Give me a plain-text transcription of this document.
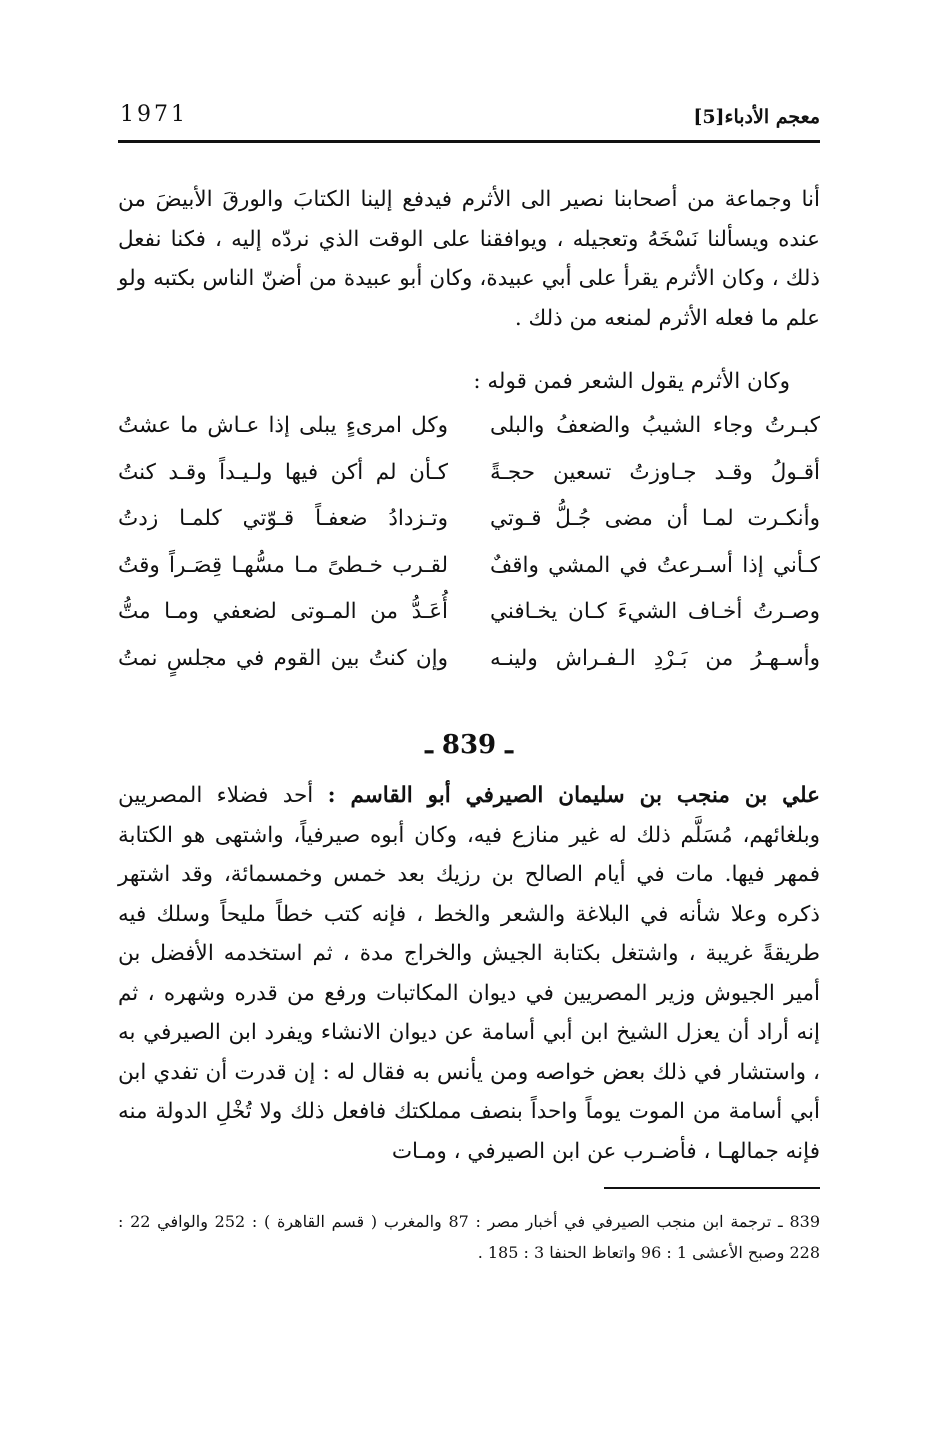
معجم الأدباء[5]
1971
أنا وجماعة من أصحابنا نصير الى الأثرم فيدفع إلينا الكتابَ والورقَ الأبيضَ من عنده ويسألنا نَسْخَهُ وتعجيله ، ويوافقنا على الوقت الذي نردّه إليه ، فكنا نفعل ذلك ، وكان الأثرم يقرأ على أبي عبيدة، وكان أبو عبيدة من أضنّ الناس بكتبه ولو علم ما فعله الأثرم لمنعه من ذلك .
وكان الأثرم يقول الشعر فمن قوله :
كبـرتُ وجاء الشيبُ والضعفُ والبلى
وكل امرىءٍ يبلى إذا عـاش ما عشتُ
أقـولُ وقـد جـاوزتُ تسعين حجـةً
كـأن لم أكن فيها ولـيـداً وقـد كنتُ
وأنكـرت لمـا أن مضى جُـلُّ قـوتي
وتـزدادُ ضعفـاً قـوّتي كلمـا زدتُ
كـأني إذا أسـرعتُ في المشي واقفٌ
لقـرب خـطىً مـا مسُّهـا قِصَـراً وقتُ
وصـرتُ أخـاف الشيءَ كـان يخـافني
أُعَـدُّ من المـوتى لضعفي ومـا متُّ
وأسـهـرُ من بَـرْدِ الـفـراش ولينـه
وإن كنتُ بين القوم في مجلسٍ نمتُ
ـ 839 ـ
علي بن منجب بن سليمان الصيرفي أبو القاسم : أحد فضلاء المصريين وبلغائهم، مُسَلَّم ذلك له غير منازع فيه، وكان أبوه صيرفياً، واشتهى هو الكتابة فمهر فيها. مات في أيام الصالح بن رزيك بعد خمس وخمسمائة، وقد اشتهر ذكره وعلا شأنه في البلاغة والشعر والخط ، فإنه كتب خطاً مليحاً وسلك فيه طريقةً غريبة ، واشتغل بكتابة الجيش والخراج مدة ، ثم استخدمه الأفضل بن أمير الجيوش وزير المصريين في ديوان المكاتبات ورفع من قدره وشهره ، ثم إنه أراد أن يعزل الشيخ ابن أبي أسامة عن ديوان الانشاء ويفرد ابن الصيرفي به ، واستشار في ذلك بعض خواصه ومن يأنس به فقال له : إن قدرت أن تفدي ابن أبي أسامة من الموت يوماً واحداً بنصف مملكتك فافعل ذلك ولا تُخْلِ الدولة منه فإنه جمالهـا ، فأضـرب عن ابن الصيرفي ، ومـات
839 ـ ترجمة ابن منجب الصيرفي في أخبار مصر : 87 والمغرب ( قسم القاهرة ) : 252 والوافي 22 : 228 وصبح الأعشى 1 : 96 واتعاظ الحنفا 3 : 185 .
